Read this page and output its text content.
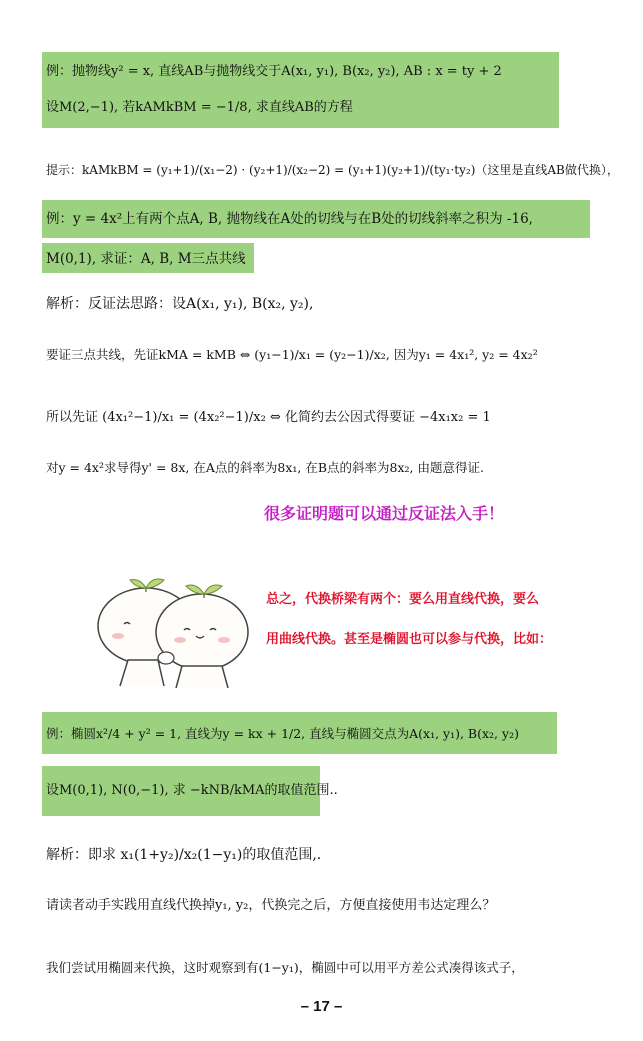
例：抛物线y² = x, 直线AB与抛物线交于A(x₁, y₁), B(x₂, y₂), AB : x = ty + 2
设M(2,−1), 若kAMkBM = −1/8, 求直线AB的方程
提示：kAMkBM = (y₁+1)/(x₁−2) · (y₂+1)/(x₂−2) = (y₁+1)(y₂+1)/(ty₁·ty₂)（这里是直线AB做代换），
例：y = 4x²上有两个点A, B, 抛物线在A处的切线与在B处的切线斜率之积为 -16,
M(0,1), 求证：A, B, M三点共线
解析：反证法思路：设A(x₁, y₁), B(x₂, y₂),
要证三点共线，先证kMA = kMB ⇔ (y₁−1)/x₁ = (y₂−1)/x₂, 因为y₁ = 4x₁², y₂ = 4x₂²
所以先证 (4x₁²−1)/x₁ = (4x₂²−1)/x₂ ⇔ 化简约去公因式得要证 −4x₁x₂ = 1
对y = 4x²求导得y' = 8x, 在A点的斜率为8x₁, 在B点的斜率为8x₂, 由题意得证.
很多证明题可以通过反证法入手！
总之，代换桥梁有两个：要么用直线代换，要么
用曲线代换。甚至是椭圆也可以参与代换，比如：
例：椭圆x²/4 + y² = 1, 直线为y = kx + 1/2, 直线与椭圆交点为A(x₁, y₁), B(x₂, y₂)
设M(0,1), N(0,−1), 求 −kNB/kMA的取值范围..
解析：即求 x₁(1+y₂)/x₂(1−y₁)的取值范围,.
请读者动手实践用直线代换掉y₁, y₂，代换完之后，方便直接使用韦达定理么？
我们尝试用椭圆来代换，这时观察到有(1−y₁)，椭圆中可以用平方差公式凑得该式子，
– 17 –
